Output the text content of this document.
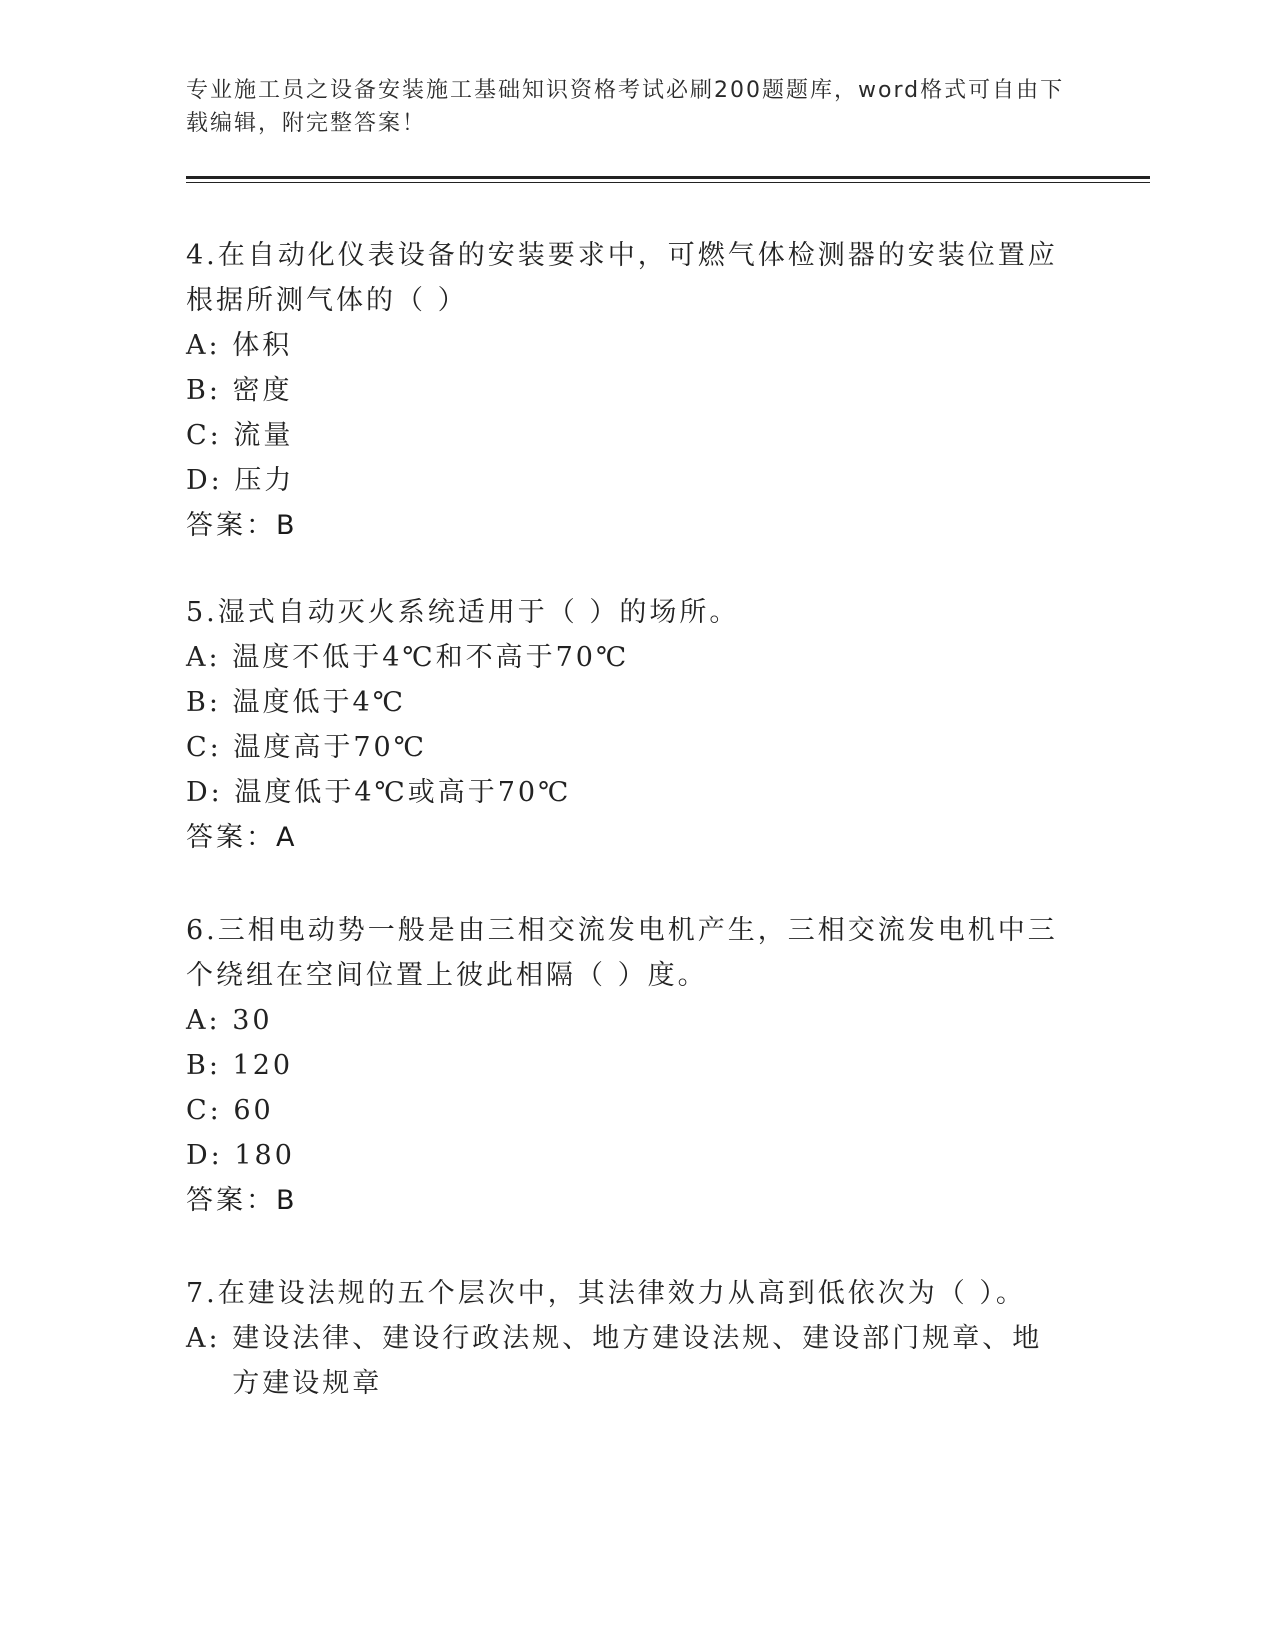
专业施工员之设备安装施工基础知识资格考试必刷200题题库，word格式可自由下载编辑，附完整答案！

4.在自动化仪表设备的安装要求中，可燃气体检测器的安装位置应根据所测气体的（ ）

A:
体积

B:
密度

C:
流量

D:
压力

答案：B

5.湿式自动灭火系统适用于（ ）的场所。

A:
温度不低于4℃和不高于70℃

B:
温度低于4℃

C:
温度高于70℃

D:
温度低于4℃或高于70℃

答案：A

6.三相电动势一般是由三相交流发电机产生，三相交流发电机中三个绕组在空间位置上彼此相隔（ ）度。

A:
30

B:
120

C:
60

D:
180

答案：B

7.在建设法规的五个层次中，其法律效力从高到低依次为（ ）。

A:
建设法律、建设行政法规、地方建设法规、建设部门规章、地方建设规章
